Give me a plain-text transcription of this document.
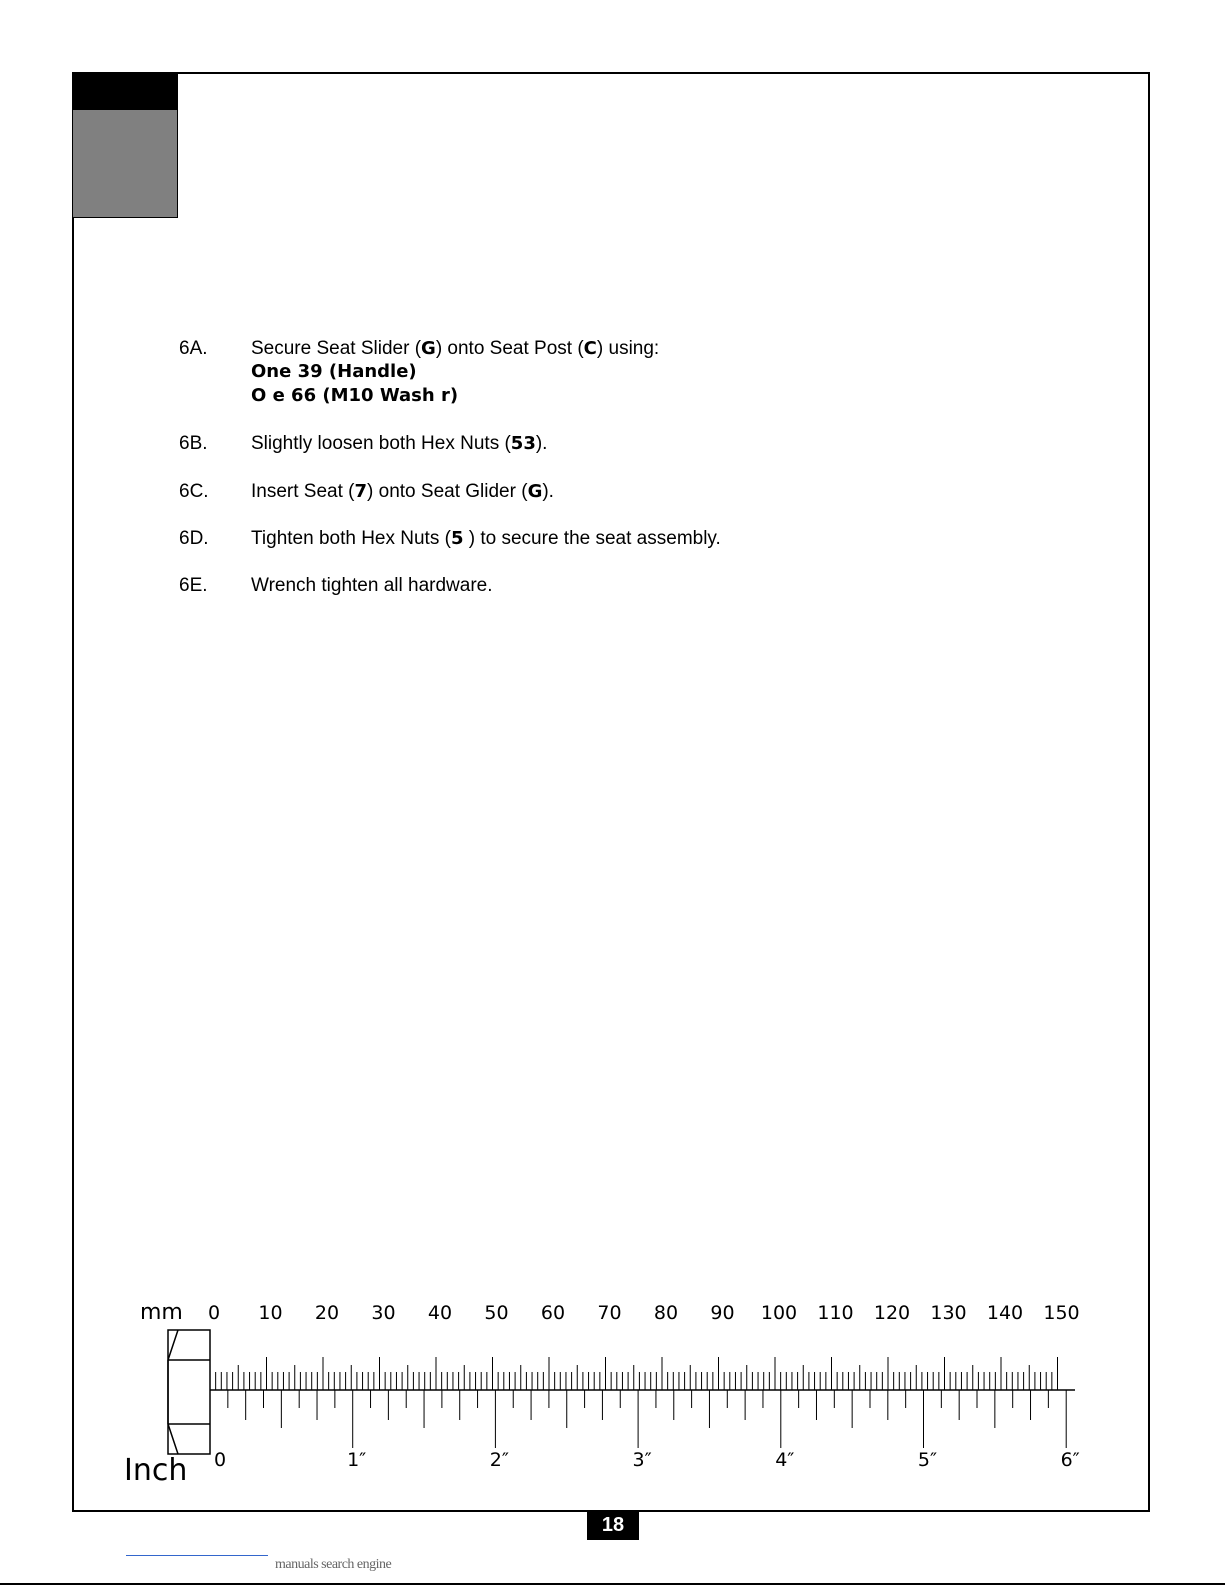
6A. Secure Seat Slider (G) onto Seat Post (C) using:
One 39 (Handle)
O e 66 (M10 Wash r)
6B. Slightly loosen both Hex Nuts (53).
6C. Insert Seat (7) onto Seat Glider (G).
6D. Tighten both Hex Nuts (5 ) to secure the seat assembly.
6E. Wrench tighten all hardware.
mm
Inch
0 10 20 30 40 50 60 70 80 90 100 110 120 130 140 150
0	1″	2″	3″	4″	5″	6″
18
manuals search engine
